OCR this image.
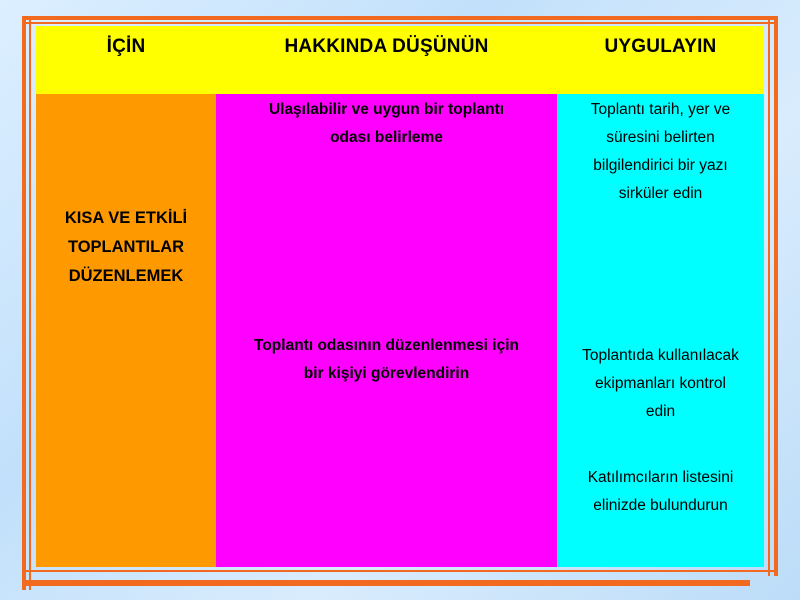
İÇİN	HAKKINDA DÜŞÜNÜN	UYGULAYIN
KISA VE ETKİLİ
TOPLANTILAR
DÜZENLEMEK
Ulaşılabilir ve uygun bir toplantı
odası belirleme
Toplantı odasının düzenlenmesi için
bir kişiyi görevlendirin
Toplantı tarih, yer ve
süresini belirten
bilgilendirici bir yazı
sirküler edin
Toplantıda kullanılacak
ekipmanları kontrol
edin
Katılımcıların listesini
elinizde bulundurun
